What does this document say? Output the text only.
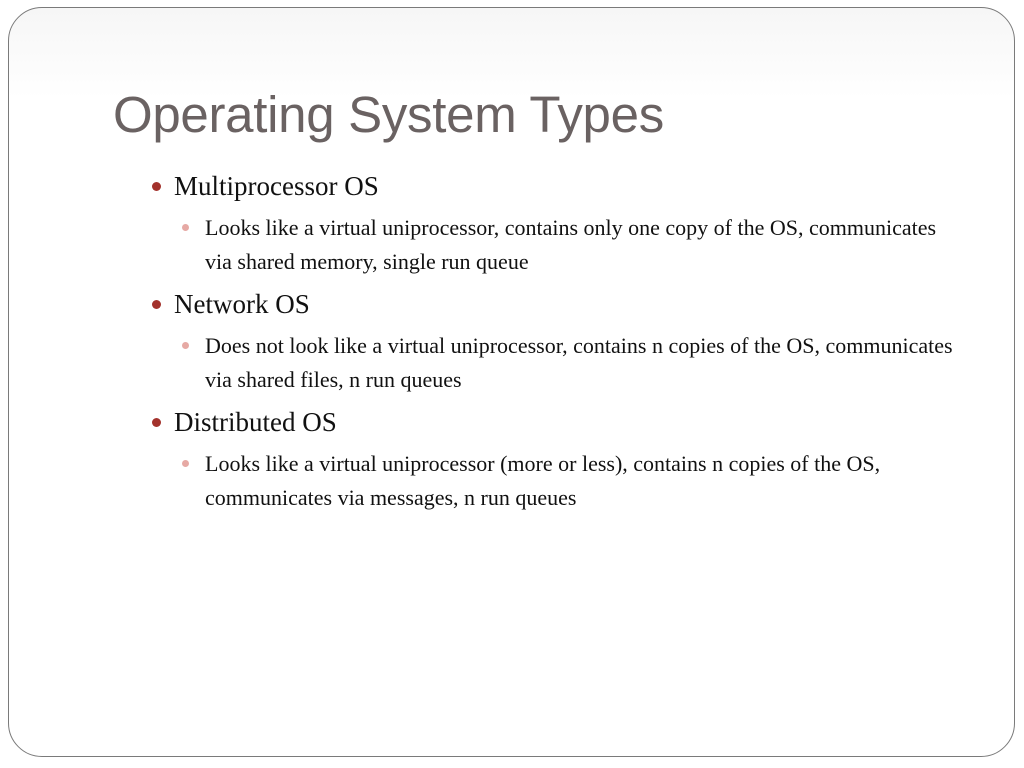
Operating System Types
Multiprocessor OS
Looks like a virtual uniprocessor, contains only one copy of the OS, communicates via shared memory, single run queue
Network OS
Does not look like a virtual uniprocessor, contains n copies of the OS, communicates via shared files, n run queues
Distributed OS
Looks like a virtual uniprocessor (more or less), contains n copies of the OS, communicates via messages, n run queues
